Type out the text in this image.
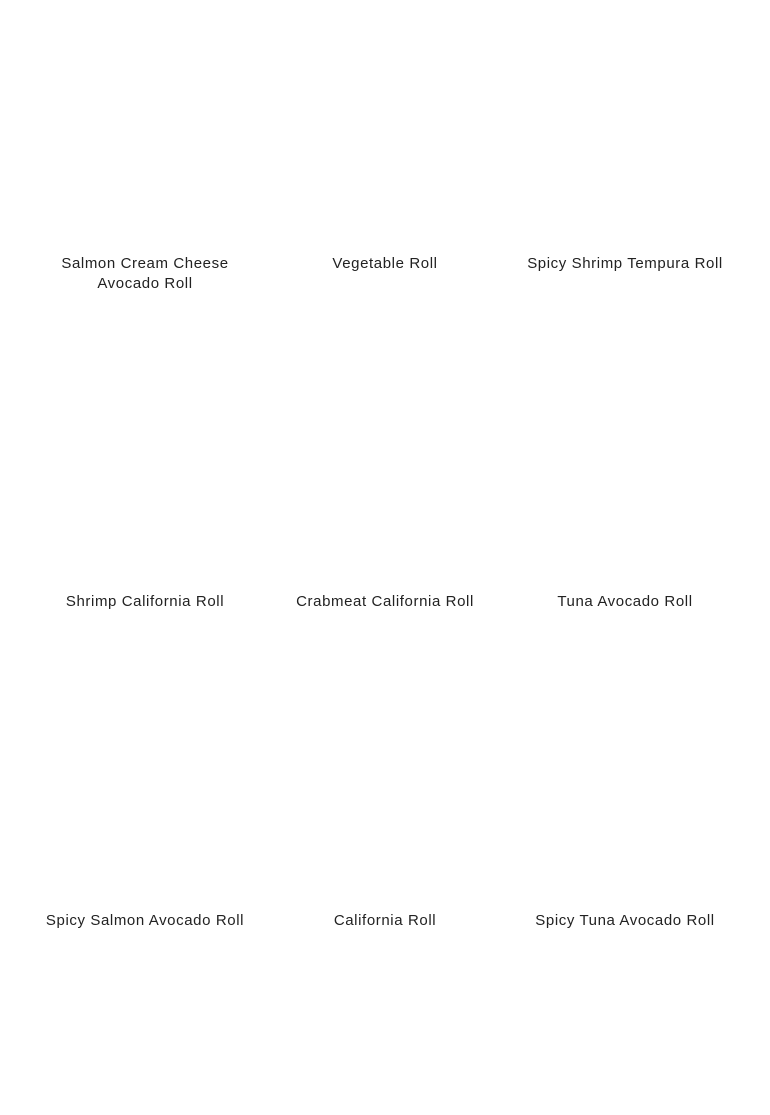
Salmon Cream Cheese Avocado Roll
Vegetable Roll	Spicy Shrimp Tempura Roll
Shrimp California Roll	Crabmeat California Roll	Tuna Avocado Roll
Spicy Salmon Avocado Roll	California Roll	Spicy Tuna Avocado Roll
